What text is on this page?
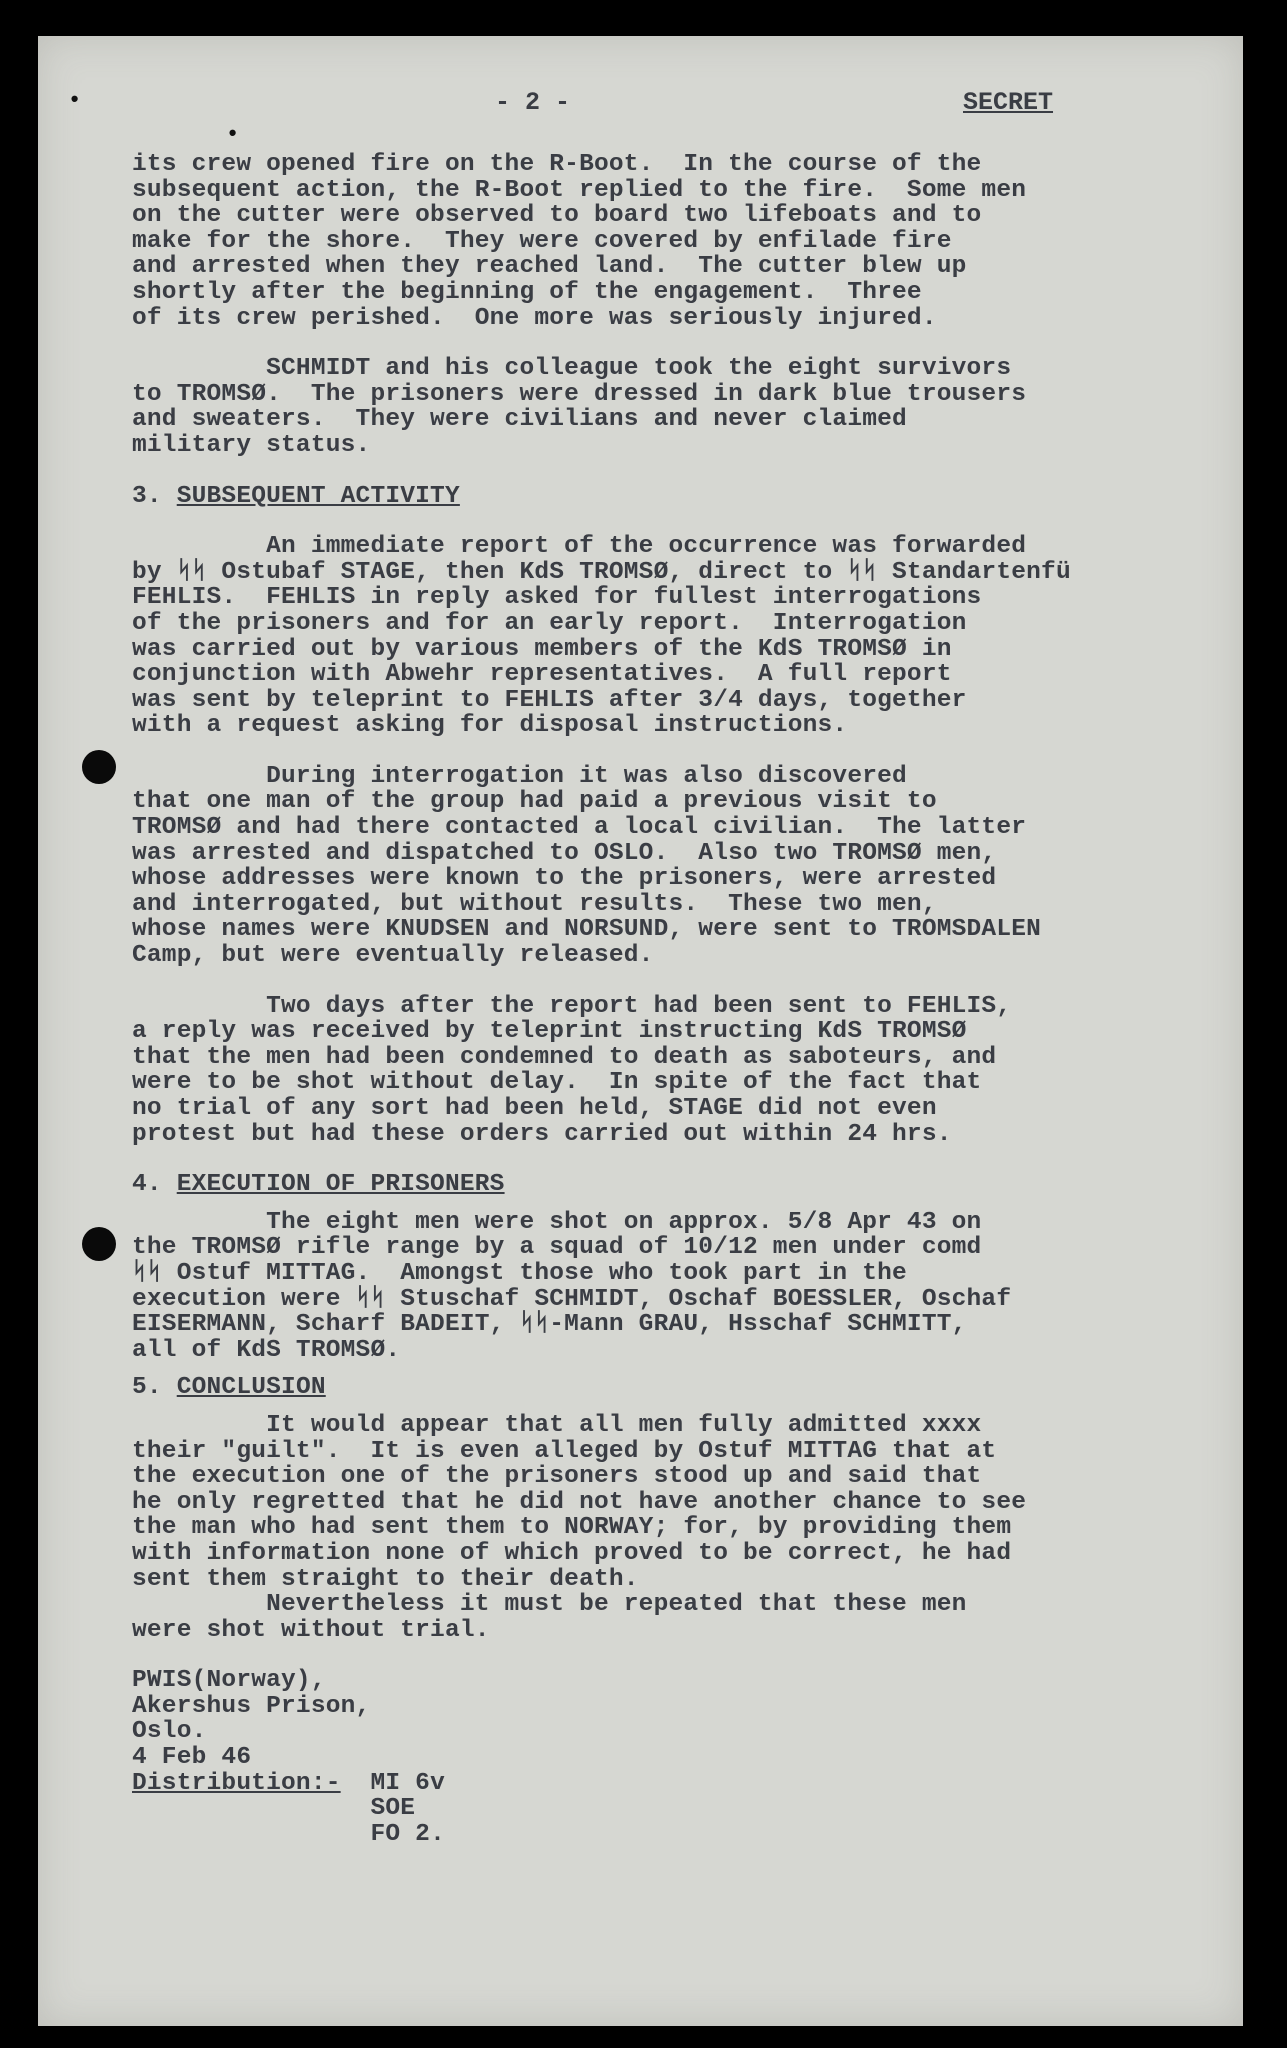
•
•
- 2 -	SECRET

its crew opened fire on the R-Boot.  In the course of the

subsequent action, the R-Boot replied to the fire.  Some men

on the cutter were observed to board two lifeboats and to

make for the shore.  They were covered by enfilade fire

and arrested when they reached land.  The cutter blew up

shortly after the beginning of the engagement.  Three

of its crew perished.  One more was seriously injured.

SCHMIDT and his colleague took the eight survivors

to TROMSØ.  The prisoners were dressed in dark blue trousers

and sweaters.  They were civilians and never claimed

military status.

3. SUBSEQUENT ACTIVITY

An immediate report of the occurrence was forwarded

by ᛋᛋ Ostubaf STAGE, then KdS TROMSØ, direct to ᛋᛋ Standartenfü

FEHLIS.  FEHLIS in reply asked for fullest interrogations

of the prisoners and for an early report.  Interrogation

was carried out by various members of the KdS TROMSØ in

conjunction with Abwehr representatives.  A full report

was sent by teleprint to FEHLIS after 3/4 days, together

with a request asking for disposal instructions.

During interrogation it was also discovered

that one man of the group had paid a previous visit to

TROMSØ and had there contacted a local civilian.  The latter

was arrested and dispatched to OSLO.  Also two TROMSØ men,

whose addresses were known to the prisoners, were arrested

and interrogated, but without results.  These two men,

whose names were KNUDSEN and NORSUND, were sent to TROMSDALEN

Camp, but were eventually released.

Two days after the report had been sent to FEHLIS,

a reply was received by teleprint instructing KdS TROMSØ

that the men had been condemned to death as saboteurs, and

were to be shot without delay.  In spite of the fact that

no trial of any sort had been held, STAGE did not even

protest but had these orders carried out within 24 hrs.

4. EXECUTION OF PRISONERS

The eight men were shot on approx. 5/8 Apr 43 on

the TROMSØ rifle range by a squad of 10/12 men under comd

ᛋᛋ Ostuf MITTAG.  Amongst those who took part in the

execution were ᛋᛋ Stuschaf SCHMIDT, Oschaf BOESSLER, Oschaf

EISERMANN, Scharf BADEIT, ᛋᛋ-Mann GRAU, Hsschaf SCHMITT,

all of KdS TROMSØ.

5. CONCLUSION

It would appear that all men fully admitted xxxx

their "guilt".  It is even alleged by Ostuf MITTAG that at

the execution one of the prisoners stood up and said that

he only regretted that he did not have another chance to see

the man who had sent them to NORWAY; for, by providing them

with information none of which proved to be correct, he had

sent them straight to their death.

Nevertheless it must be repeated that these men

were shot without trial.

PWIS(Norway),

Akershus Prison,

Oslo.

4 Feb 46

Distribution:- MI 6v

SOE

FO 2.
